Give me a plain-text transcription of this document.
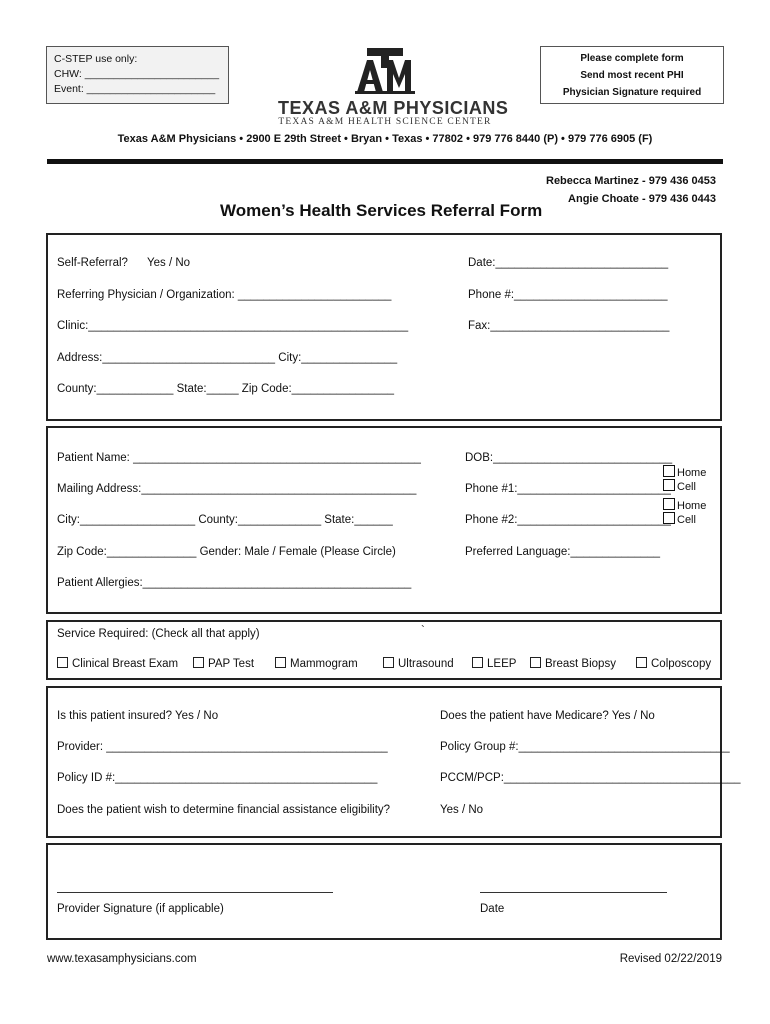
C-STEP use only:
CHW: _______________________
Event: ______________________
TEXAS A&M PHYSICIANS
TEXAS A&M HEALTH SCIENCE CENTER
Please complete form
Send most recent PHI
Physician Signature required
Texas A&M Physicians • 2900 E 29th Street • Bryan • Texas • 77802 • 979 776 8440 (P) • 979 776 6905 (F)
Rebecca Martinez - 979 436 0453
Angie Choate - 979 436 0443
Women’s Health Services Referral Form
Self-Referral? Yes / No	Date:___________________________
Referring Physician / Organization: ________________________	Phone #:________________________
Clinic:__________________________________________________	Fax:____________________________
Address:___________________________ City:_______________
County:____________ State:_____ Zip Code:________________
Patient Name: _____________________________________________	DOB:____________________________
Mailing Address:___________________________________________	Phone #1:________________________
City:__________________ County:_____________ State:______	Phone #2:________________________
Zip Code:______________ Gender: Male / Female (Please Circle)	Preferred Language:______________
Patient Allergies:__________________________________________
Home
Cell
Home
Cell
Service Required: (Check all that apply)	`
Clinical Breast Exam	PAP Test	Mammogram	Ultrasound	LEEP	Breast Biopsy	Colposcopy
Is this patient insured? Yes / No	Does the patient have Medicare? Yes / No
Provider: ____________________________________________	Policy Group #:_________________________________
Policy ID #:_________________________________________	PCCM/PCP:_____________________________________
Does the patient wish to determine financial assistance eligibility?	Yes / No
Provider Signature (if applicable)	Date
www.texasamphysicians.com	Revised 02/22/2019
